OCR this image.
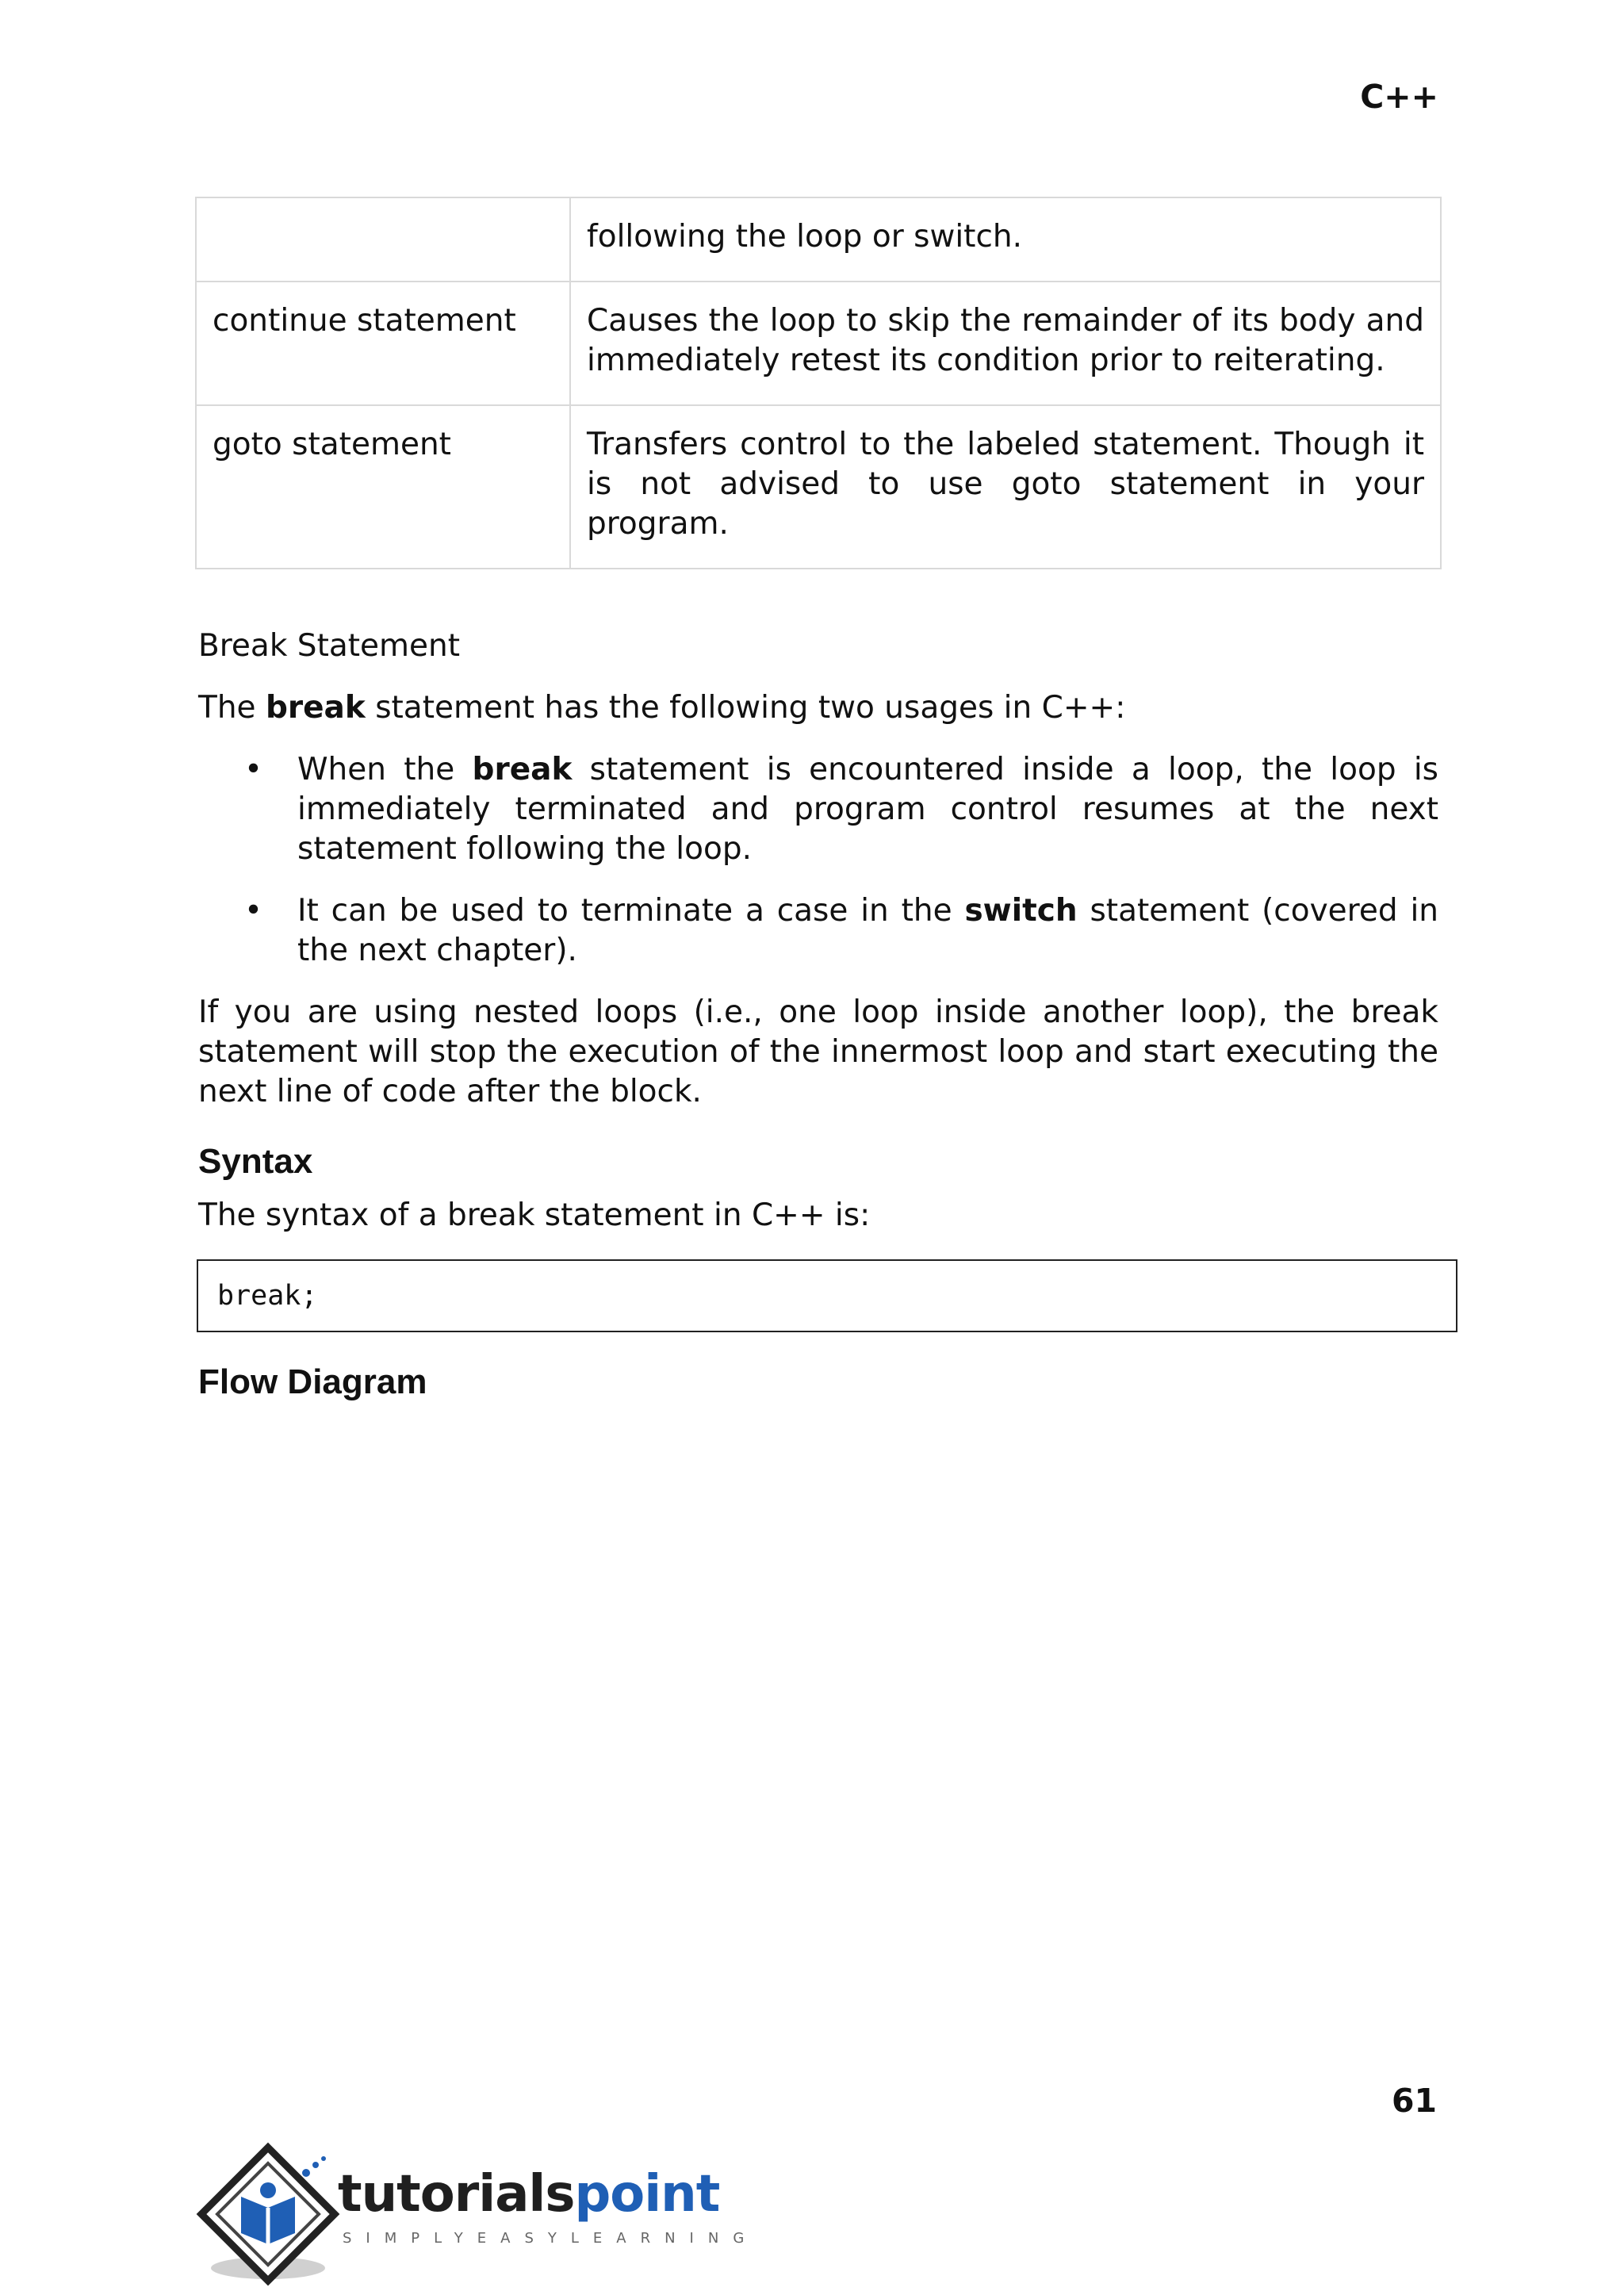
C++
	following the loop or switch.
continue statement	Causes the loop to skip the remainder of its body and immediately retest its condition prior to reiterating.
goto statement	Transfers control to the labeled statement. Though it is not advised to use goto statement in your program.

Break Statement

The break statement has the following two usages in C++:

• When the break statement is encountered inside a loop, the loop is immediately terminated and program control resumes at the next statement following the loop.
• It can be used to terminate a case in the switch statement (covered in the next chapter).

If you are using nested loops (i.e., one loop inside another loop), the break statement will stop the execution of the innermost loop and start executing the next line of code after the block.

Syntax

The syntax of a break statement in C++ is:

break;
Flow Diagram
61
tutorialspoint
SIMPLYEASYLEARNING
